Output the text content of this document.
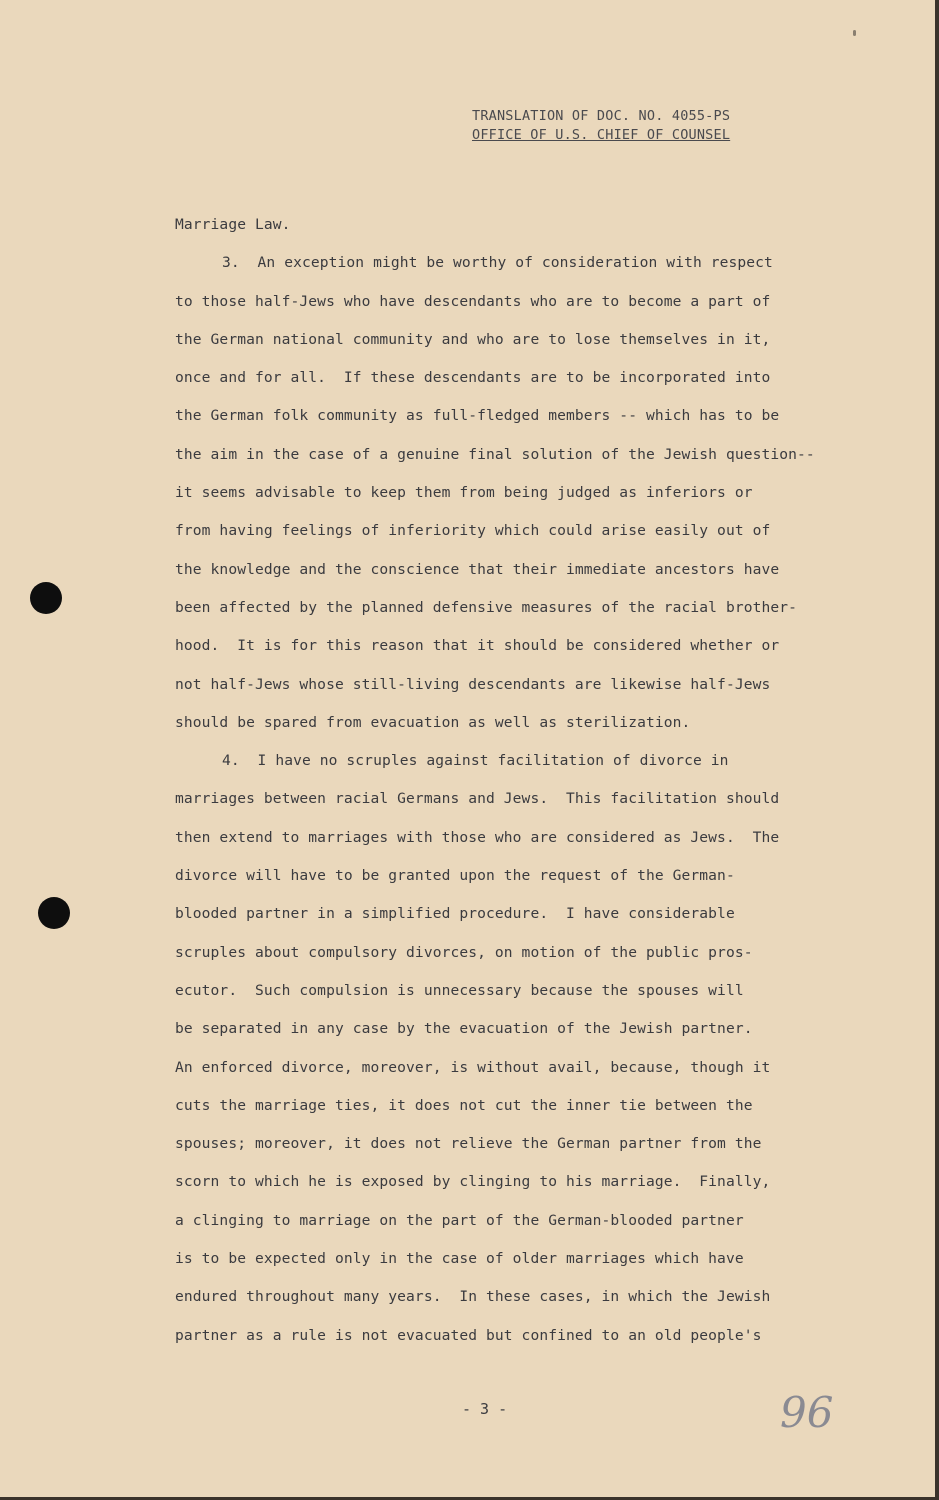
TRANSLATION OF DOC. NO. 4055-PS
OFFICE OF U.S. CHIEF OF COUNSEL
Marriage Law.
3.  An exception might be worthy of consideration with respect
to those half-Jews who have descendants who are to become a part of
the German national community and who are to lose themselves in it,
once and for all.  If these descendants are to be incorporated into
the German folk community as full-fledged members -- which has to be
the aim in the case of a genuine final solution of the Jewish question--
it seems advisable to keep them from being judged as inferiors or
from having feelings of inferiority which could arise easily out of
the knowledge and the conscience that their immediate ancestors have
been affected by the planned defensive measures of the racial brother-
hood.  It is for this reason that it should be considered whether or
not half-Jews whose still-living descendants are likewise half-Jews
should be spared from evacuation as well as sterilization.
4.  I have no scruples against facilitation of divorce in
marriages between racial Germans and Jews.  This facilitation should
then extend to marriages with those who are considered as Jews.  The
divorce will have to be granted upon the request of the German-
blooded partner in a simplified procedure.  I have considerable
scruples about compulsory divorces, on motion of the public pros-
ecutor.  Such compulsion is unnecessary because the spouses will
be separated in any case by the evacuation of the Jewish partner.
An enforced divorce, moreover, is without avail, because, though it
cuts the marriage ties, it does not cut the inner tie between the
spouses; moreover, it does not relieve the German partner from the
scorn to which he is exposed by clinging to his marriage.  Finally,
a clinging to marriage on the part of the German-blooded partner
is to be expected only in the case of older marriages which have
endured throughout many years.  In these cases, in which the Jewish
partner as a rule is not evacuated but confined to an old people's
- 3 -	96
